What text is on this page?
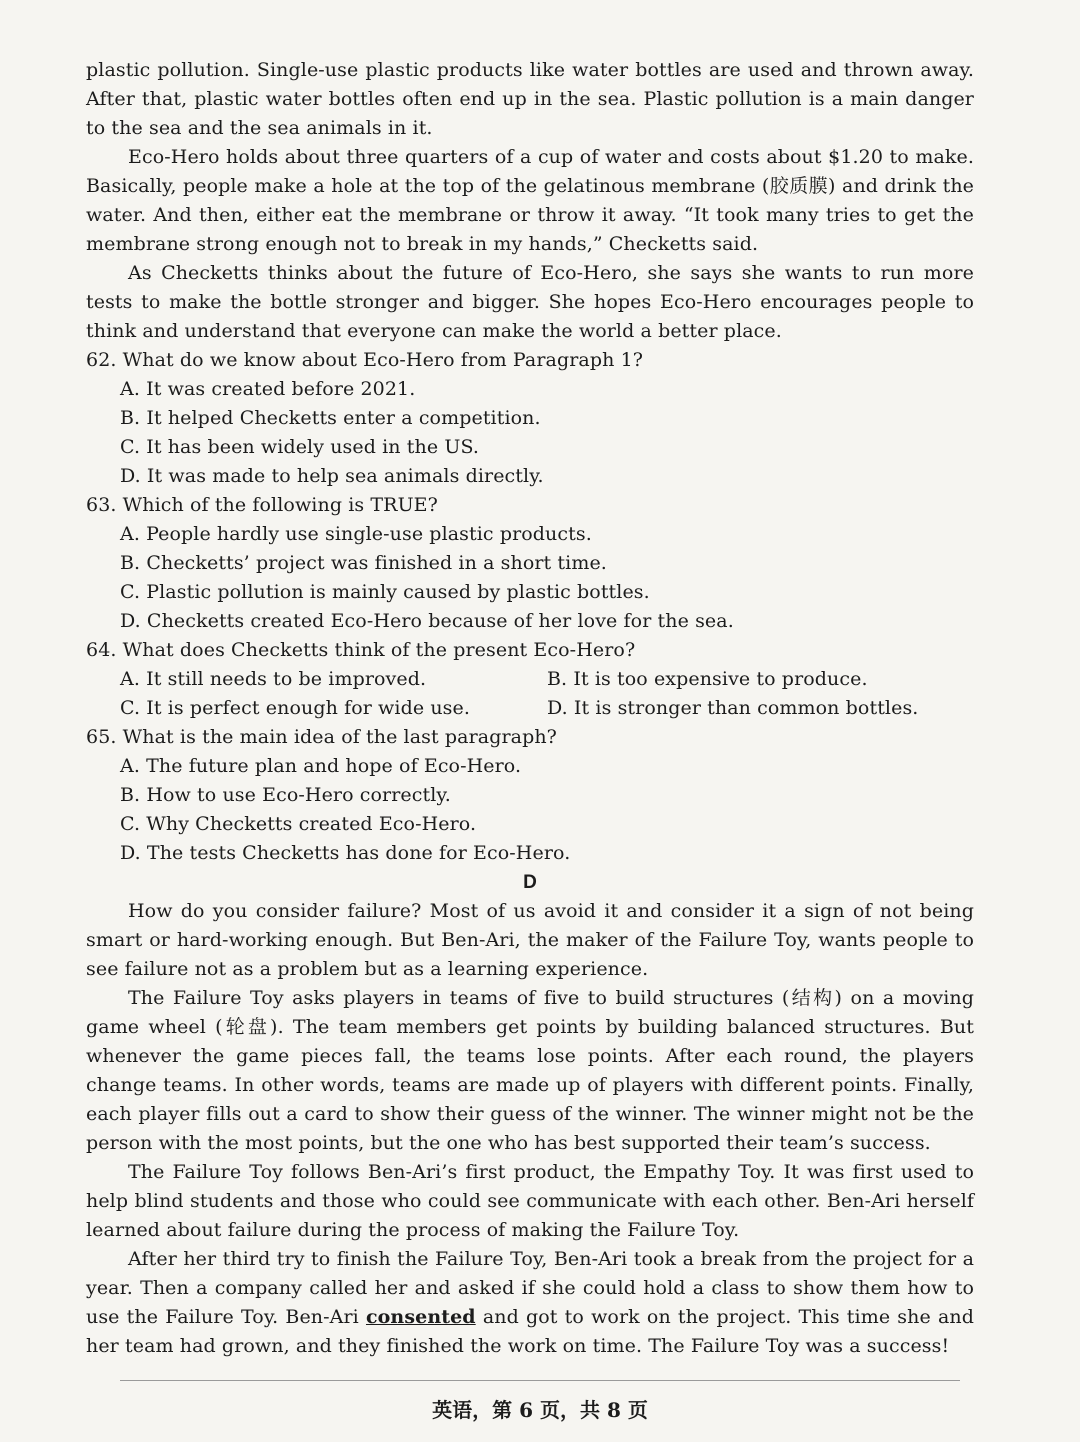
plastic pollution. Single-use plastic products like water bottles are used and thrown away. After that, plastic water bottles often end up in the sea. Plastic pollution is a main danger to the sea and the sea animals in it.

Eco-Hero holds about three quarters of a cup of water and costs about $1.20 to make. Basically, people make a hole at the top of the gelatinous membrane (胶质膜) and drink the water. And then, either eat the membrane or throw it away. “It took many tries to get the membrane strong enough not to break in my hands,” Checketts said.

As Checketts thinks about the future of Eco-Hero, she says she wants to run more tests to make the bottle stronger and bigger. She hopes Eco-Hero encourages people to think and understand that everyone can make the world a better place.

62. What do we know about Eco-Hero from Paragraph 1?

A. It was created before 2021.

B. It helped Checketts enter a competition.

C. It has been widely used in the US.

D. It was made to help sea animals directly.

63. Which of the following is TRUE?

A. People hardly use single-use plastic products.

B. Checketts’ project was finished in a short time.

C. Plastic pollution is mainly caused by plastic bottles.

D. Checketts created Eco-Hero because of her love for the sea.

64. What does Checketts think of the present Eco-Hero?

A. It still needs to be improved.	B. It is too expensive to produce.

C. It is perfect enough for wide use.	D. It is stronger than common bottles.

65. What is the main idea of the last paragraph?

A. The future plan and hope of Eco-Hero.

B. How to use Eco-Hero correctly.

C. Why Checketts created Eco-Hero.

D. The tests Checketts has done for Eco-Hero.

D

How do you consider failure? Most of us avoid it and consider it a sign of not being smart or hard-working enough. But Ben-Ari, the maker of the Failure Toy, wants people to see failure not as a problem but as a learning experience.

The Failure Toy asks players in teams of five to build structures (结构) on a moving game wheel (轮盘). The team members get points by building balanced structures. But whenever the game pieces fall, the teams lose points. After each round, the players change teams. In other words, teams are made up of players with different points. Finally, each player fills out a card to show their guess of the winner. The winner might not be the person with the most points, but the one who has best supported their team’s success.

The Failure Toy follows Ben-Ari’s first product, the Empathy Toy. It was first used to help blind students and those who could see communicate with each other. Ben-Ari herself learned about failure during the process of making the Failure Toy.

After her third try to finish the Failure Toy, Ben-Ari took a break from the project for a year. Then a company called her and asked if she could hold a class to show them how to use the Failure Toy. Ben-Ari consented and got to work on the project. This time she and her team had grown, and they finished the work on time. The Failure Toy was a success!

英语，第 6 页，共 8 页
